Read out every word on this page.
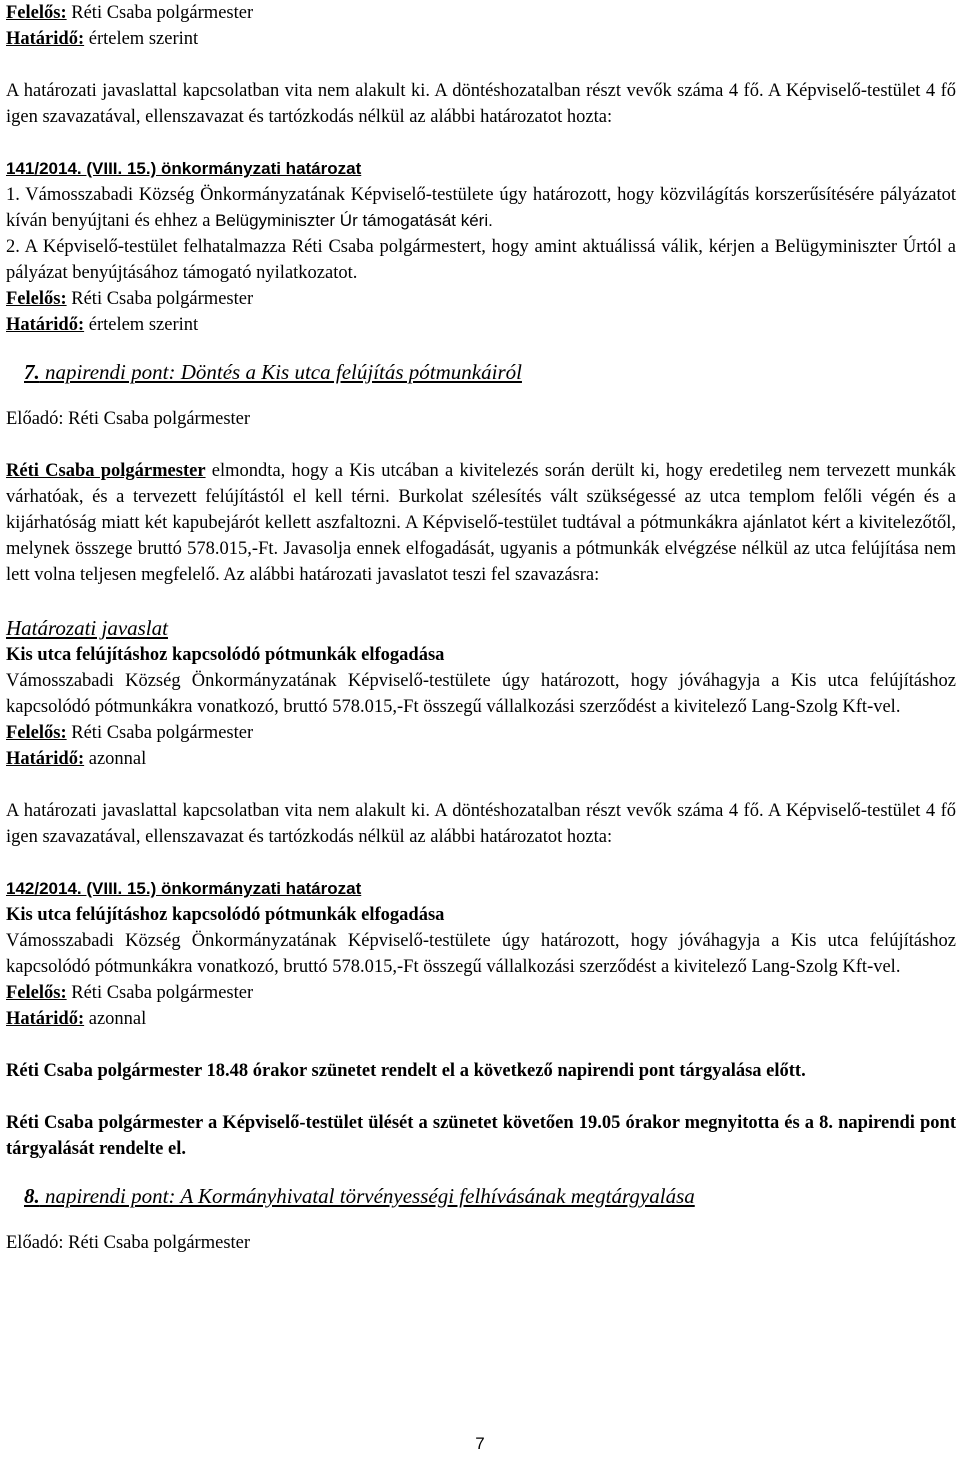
Felelős: Réti Csaba polgármester

Határidő: értelem szerint

A határozati javaslattal kapcsolatban vita nem alakult ki. A döntéshozatalban részt vevők száma 4 fő. A Képviselő-testület 4 fő igen szavazatával, ellenszavazat és tartózkodás nélkül az alábbi határozatot hozta:

141/2014. (VIII. 15.) önkormányzati határozat

1. Vámosszabadi Község Önkormányzatának Képviselő-testülete úgy határozott, hogy közvilágítás korszerűsítésére pályázatot kíván benyújtani és ehhez a Belügyminiszter Úr támogatását kéri.

2. A Képviselő-testület felhatalmazza Réti Csaba polgármestert, hogy amint aktuálissá válik, kérjen a Belügyminiszter Úrtól a pályázat benyújtásához támogató nyilatkozatot.

Felelős: Réti Csaba polgármester

Határidő: értelem szerint

7. napirendi pont: Döntés a Kis utca felújítás pótmunkáiról

Előadó: Réti Csaba polgármester

Réti Csaba polgármester elmondta, hogy a Kis utcában a kivitelezés során derült ki, hogy eredetileg nem tervezett munkák várhatóak, és a tervezett felújítástól el kell térni. Burkolat szélesítés vált szükségessé az utca templom felőli végén és a kijárhatóság miatt két kapubejárót kellett aszfaltozni. A Képviselő-testület tudtával a pótmunkákra ajánlatot kért a kivitelezőtől, melynek összege bruttó 578.015,-Ft. Javasolja ennek elfogadását, ugyanis a pótmunkák elvégzése nélkül az utca felújítása nem lett volna teljesen megfelelő. Az alábbi határozati javaslatot teszi fel szavazásra:

Határozati javaslat

Kis utca felújításhoz kapcsolódó pótmunkák elfogadása

Vámosszabadi Község Önkormányzatának Képviselő-testülete úgy határozott, hogy jóváhagyja a Kis utca felújításhoz kapcsolódó pótmunkákra vonatkozó, bruttó 578.015,-Ft összegű vállalkozási szerződést a kivitelező Lang-Szolg Kft-vel.

Felelős: Réti Csaba polgármester

Határidő: azonnal

A határozati javaslattal kapcsolatban vita nem alakult ki. A döntéshozatalban részt vevők száma 4 fő. A Képviselő-testület 4 fő igen szavazatával, ellenszavazat és tartózkodás nélkül az alábbi határozatot hozta:

142/2014. (VIII. 15.) önkormányzati határozat

Kis utca felújításhoz kapcsolódó pótmunkák elfogadása

Vámosszabadi Község Önkormányzatának Képviselő-testülete úgy határozott, hogy jóváhagyja a Kis utca felújításhoz kapcsolódó pótmunkákra vonatkozó, bruttó 578.015,-Ft összegű vállalkozási szerződést a kivitelező Lang-Szolg Kft-vel.

Felelős: Réti Csaba polgármester

Határidő: azonnal

Réti Csaba polgármester 18.48 órakor szünetet rendelt el a következő napirendi pont tárgyalása előtt.

Réti Csaba polgármester a Képviselő-testület ülését a szünetet követően 19.05 órakor megnyitotta és a 8. napirendi pont tárgyalását rendelte el.

8. napirendi pont: A Kormányhivatal törvényességi felhívásának megtárgyalása

Előadó: Réti Csaba polgármester

7
